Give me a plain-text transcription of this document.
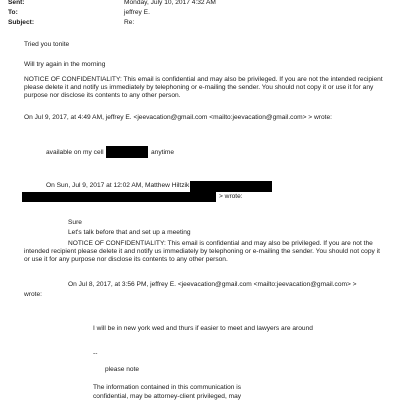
Sent:	Monday, July 10, 2017 4:32 AM
To:	jeffrey E.
Subject:	Re:
Tried you tonite
Will try again in the morning
NOTICE OF CONFIDENTIALITY: This email is confidential and may also be privileged. If you are not the intended recipient please delete it and notify us immediately by telephoning or e-mailing the sender. You should not copy it or use it for any purpose nor disclose its contents to any other person.
On Jul 9, 2017, at 4:49 AM, jeffrey E. <jeevacation@gmail.com <mailto:jeevacation@gmail.com> > wrote:
available on my cell	anytime
On Sun, Jul 9, 2017 at 12:02 AM, Matthew Hiltzik
> wrote:
Sure
Let's talk before that and set up a meeting
NOTICE OF CONFIDENTIALITY: This email is confidential and may also be privileged. If you are not the intended recipient please delete it and notify us immediately by telephoning or e-mailing the sender. You should not copy it or use it for any purpose nor disclose its contents to any other person.
On Jul 8, 2017, at 3:56 PM, jeffrey E. <jeevacation@gmail.com <mailto:jeevacation@gmail.com> >
wrote:
I will be in new york wed and thurs if easier to meet and lawyers are around
--
please note
The information contained in this communication is
confidential, may be attorney-client privileged, may
